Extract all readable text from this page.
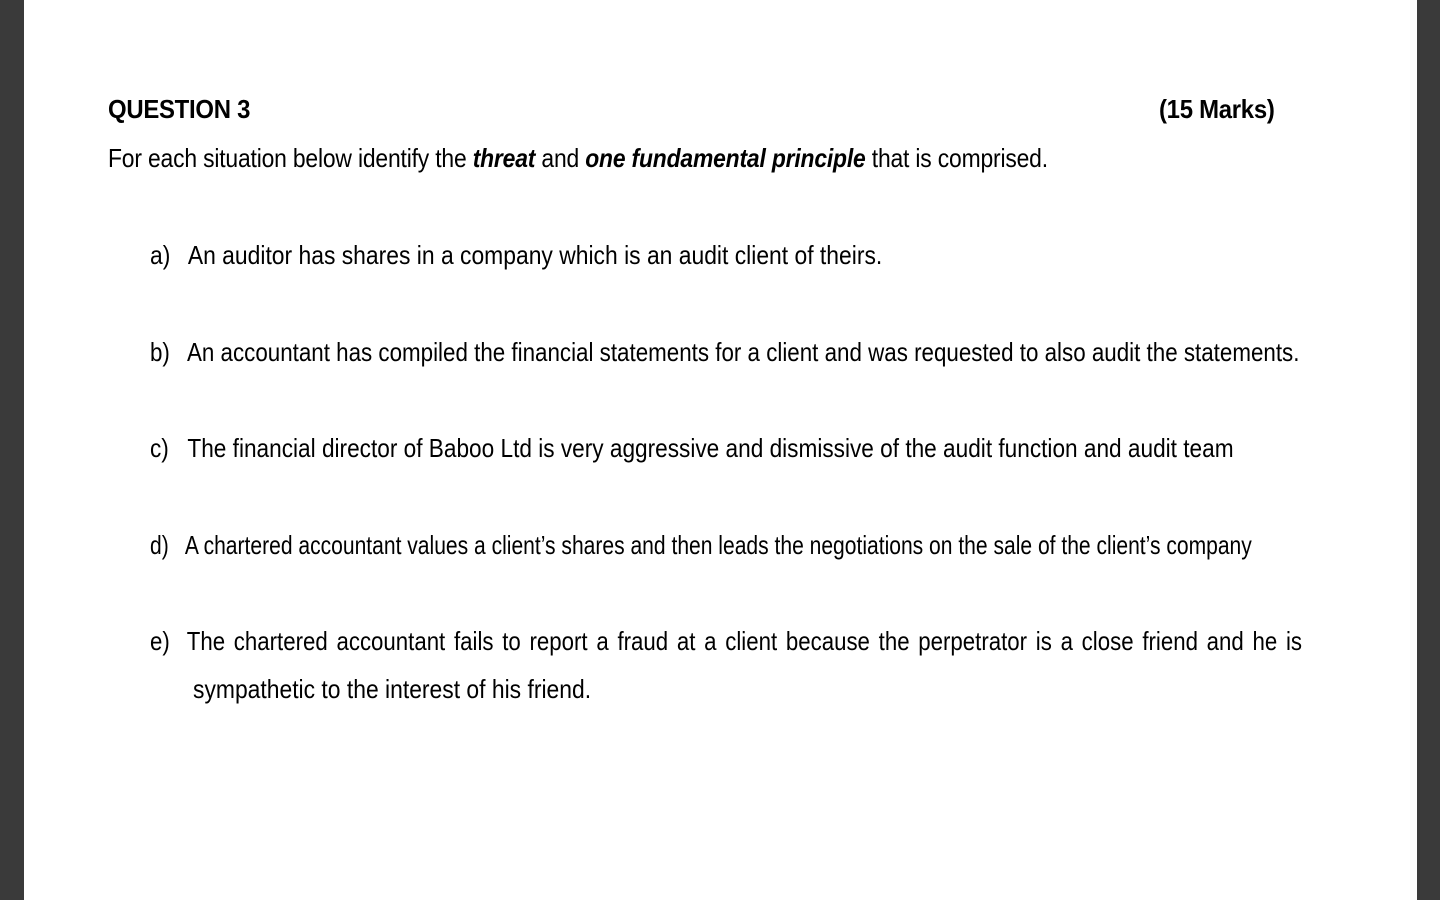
QUESTION 3	(15 Marks)
For each situation below identify the threat and one fundamental principle that is comprised.
a) An auditor has shares in a company which is an audit client of theirs.
b) An accountant has compiled the financial statements for a client and was requested to also audit the statements.
c) The financial director of Baboo Ltd is very aggressive and dismissive of the audit function and audit team
d) A chartered accountant values a client’s shares and then leads the negotiations on the sale of the client’s company
e) The chartered accountant fails to report a fraud at a client because the perpetrator is a close friend and he is
sympathetic to the interest of his friend.
